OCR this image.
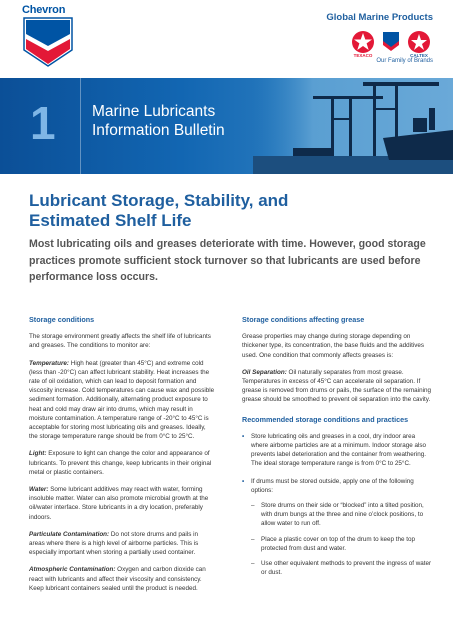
Chevron
Global Marine Products
TEXACO	CALTEX
Our Family of Brands
1 Marine Lubricants
Information Bulletin
Lubricant Storage, Stability, and
Estimated Shelf Life
Most lubricating oils and greases deteriorate with time. However, good storage practices promote sufficient stock turnover so that lubricants are used before performance loss occurs.
Storage conditions
The storage environment greatly affects the shelf life of lubricants and greases. The conditions to monitor are:
Temperature: High heat (greater than 45°C) and extreme cold (less than -20°C) can affect lubricant stability. Heat increases the rate of oil oxidation, which can lead to deposit formation and viscosity increase. Cold temperatures can cause wax and possible sediment formation. Additionally, alternating product exposure to heat and cold may draw air into drums, which may result in moisture contamination. A temperature range of -20°C to 45°C is acceptable for storing most lubricating oils and greases. Ideally, the storage temperature range should be from 0°C to 25°C.
Light: Exposure to light can change the color and appearance of lubricants. To prevent this change, keep lubricants in their original metal or plastic containers.
Water: Some lubricant additives may react with water, forming insoluble matter. Water can also promote microbial growth at the oil/water interface. Store lubricants in a dry location, preferably indoors.
Particulate Contamination: Do not store drums and pails in areas where there is a high level of airborne particles. This is especially important when storing a partially used container.
Atmospheric Contamination: Oxygen and carbon dioxide can react with lubricants and affect their viscosity and consistency. Keep lubricant containers sealed until the product is needed.
Storage conditions affecting grease
Grease properties may change during storage depending on thickener type, its concentration, the base fluids and the additives used. One condition that commonly affects greases is:
Oil Separation: Oil naturally separates from most grease. Temperatures in excess of 45°C can accelerate oil separation. If grease is removed from drums or pails, the surface of the remaining grease should be smoothed to prevent oil separation into the cavity.
Recommended storage conditions and practices
• Store lubricating oils and greases in a cool, dry indoor area where airborne particles are at a minimum. Indoor storage also prevents label deterioration and the container from weathering. The ideal storage temperature range is from 0°C to 25°C.
• If drums must be stored outside, apply one of the following options:
– Store drums on their side or “blocked” into a tilted position, with drum bungs at the three and nine o’clock positions, to allow water to run off.
– Place a plastic cover on top of the drum to keep the top protected from dust and water.
– Use other equivalent methods to prevent the ingress of water or dust.
